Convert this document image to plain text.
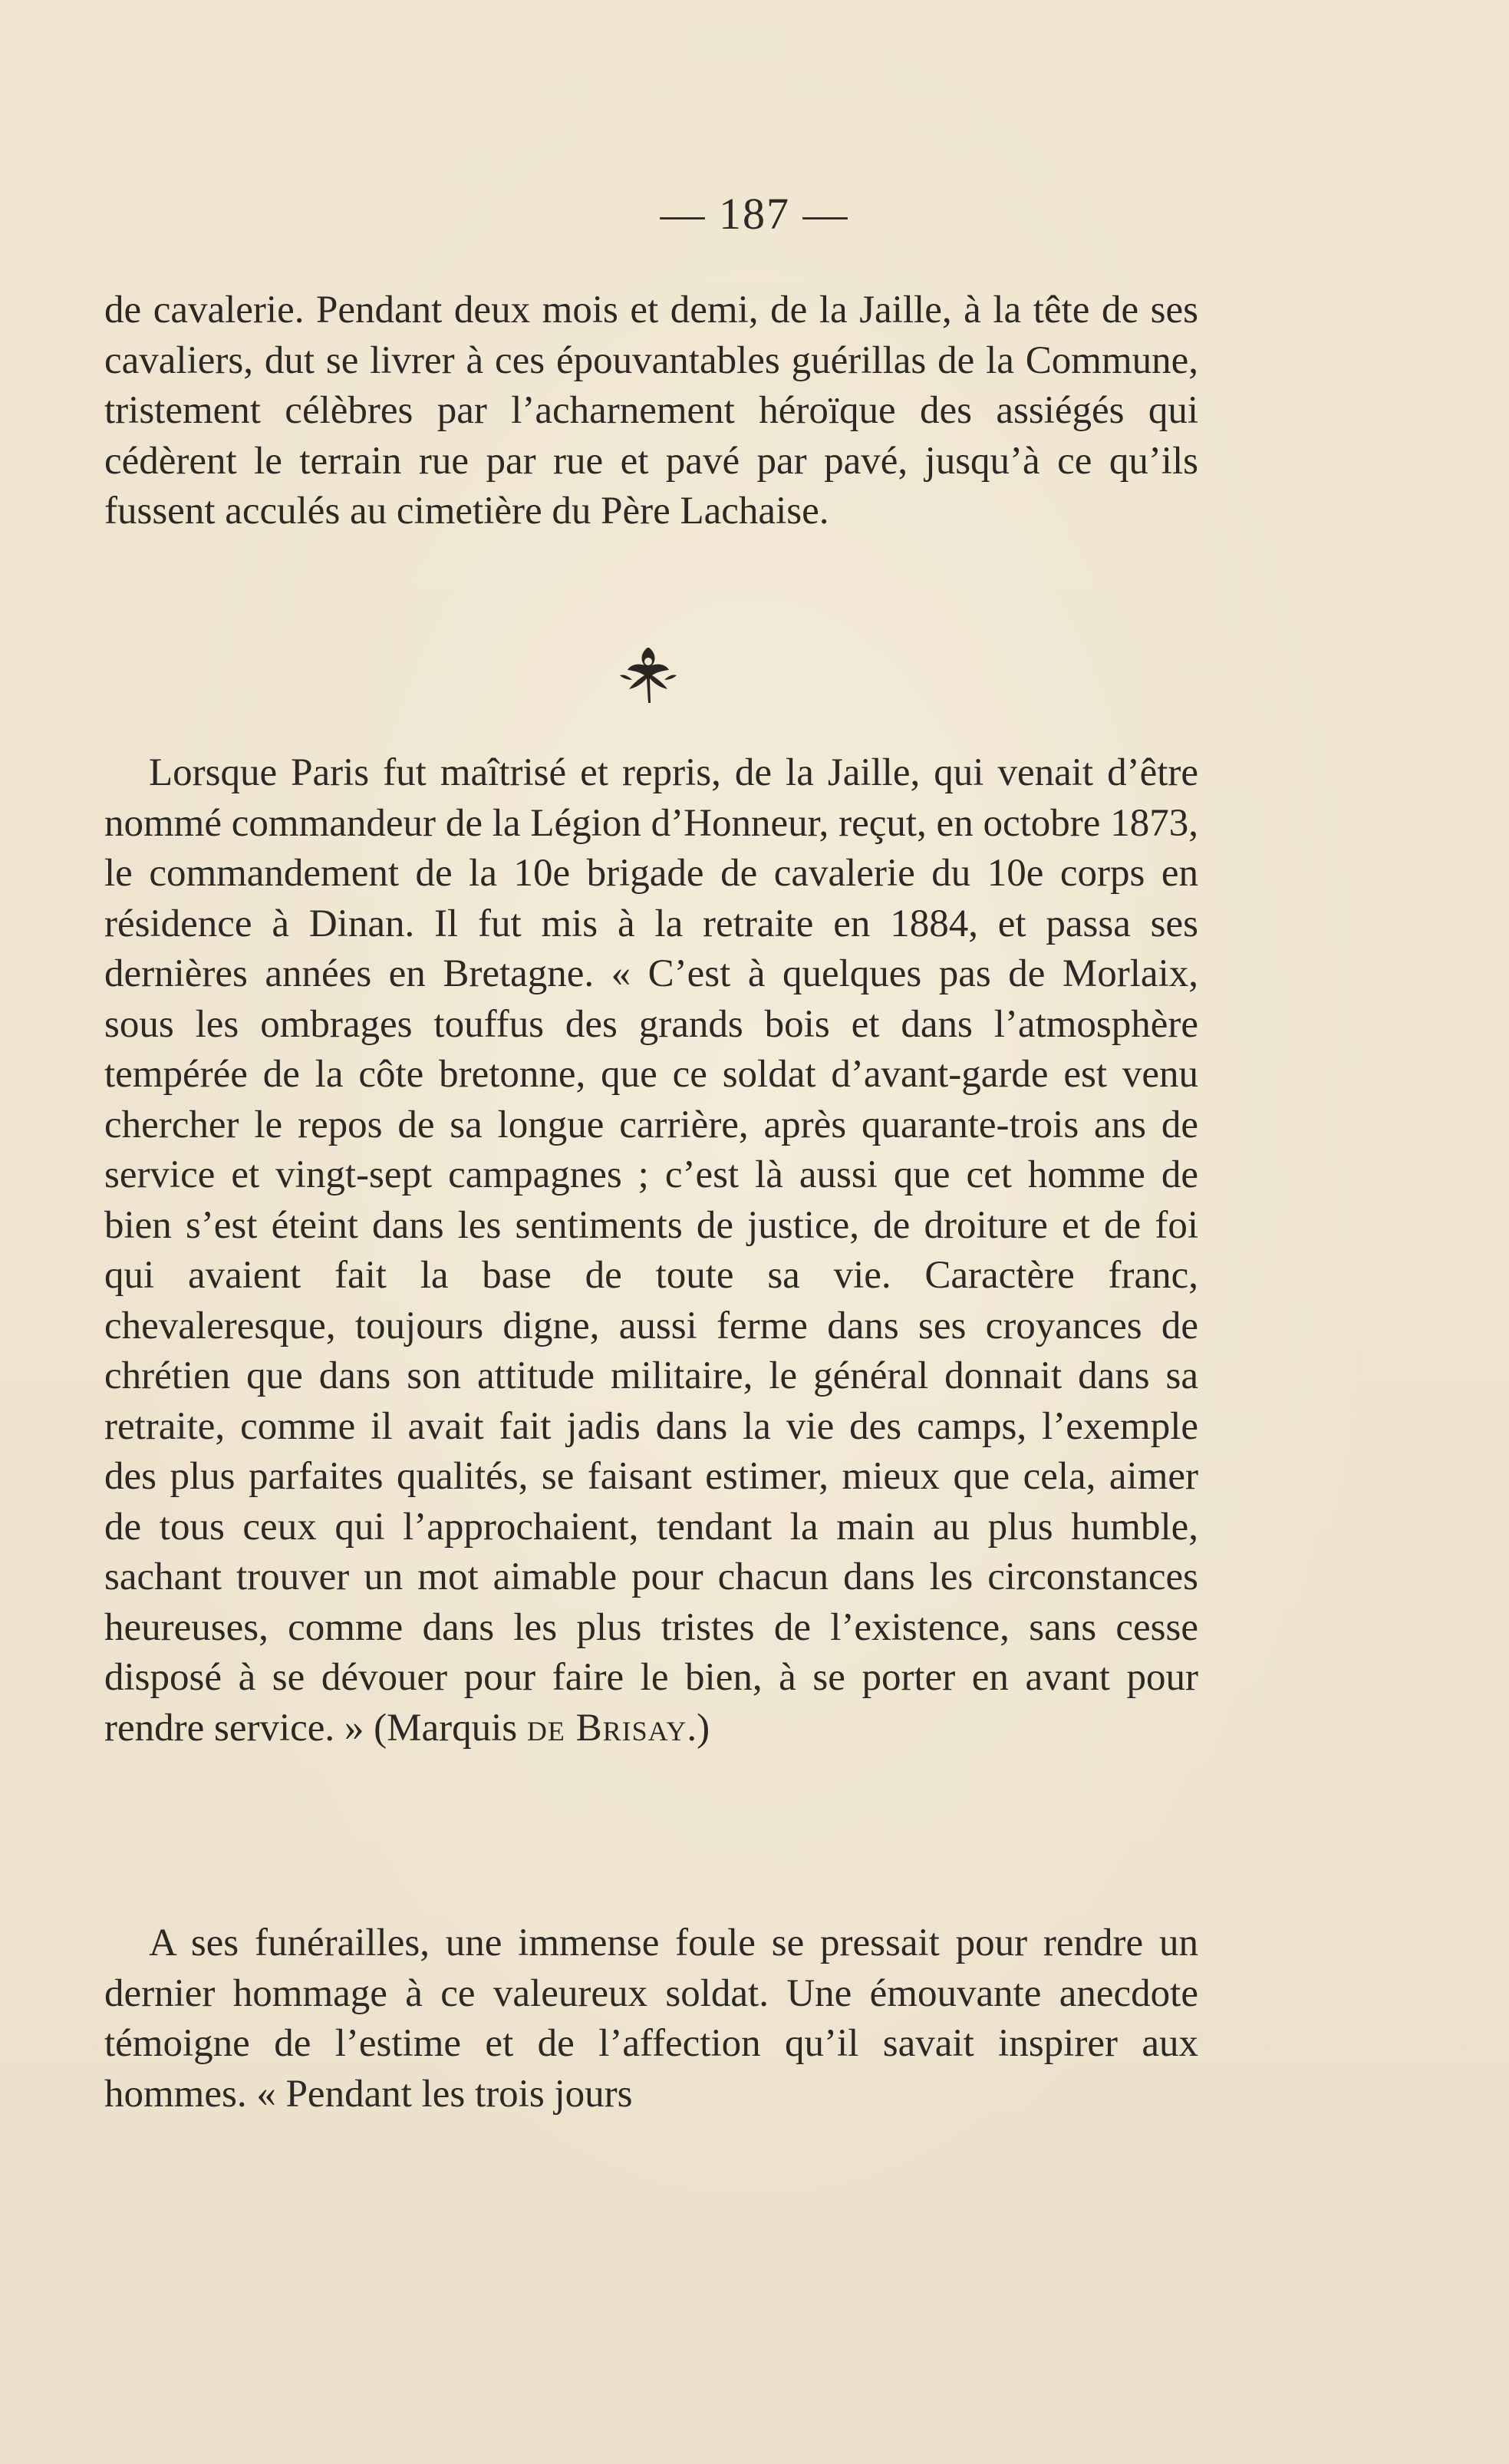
— 187 —

de cavalerie. Pendant deux mois et demi, de la Jaille, à la tête de ses cavaliers, dut se livrer à ces épouvantables guérillas de la Commune, tristement célèbres par l’acharnement héroïque des assiégés qui cédèrent le terrain rue par rue et pavé par pavé, jusqu’à ce qu’ils fussent acculés au cimetière du Père Lachaise.

Lorsque Paris fut maîtrisé et repris, de la Jaille, qui venait d’être nommé commandeur de la Légion d’Honneur, reçut, en octobre 1873, le commandement de la 10e brigade de cavalerie du 10e corps en résidence à Dinan. Il fut mis à la retraite en 1884, et passa ses dernières années en Bretagne. « C’est à quelques pas de Morlaix, sous les ombrages touffus des grands bois et dans l’atmosphère tempérée de la côte bretonne, que ce soldat d’avant-garde est venu chercher le repos de sa longue carrière, après quarante-trois ans de service et vingt-sept campagnes ; c’est là aussi que cet homme de bien s’est éteint dans les sentiments de justice, de droiture et de foi qui avaient fait la base de toute sa vie. Caractère franc, chevaleresque, toujours digne, aussi ferme dans ses croyances de chrétien que dans son attitude militaire, le général donnait dans sa retraite, comme il avait fait jadis dans la vie des camps, l’exemple des plus parfaites qualités, se faisant estimer, mieux que cela, aimer de tous ceux qui l’approchaient, tendant la main au plus humble, sachant trouver un mot aimable pour chacun dans les circonstances heureuses, comme dans les plus tristes de l’existence, sans cesse disposé à se dévouer pour faire le bien, à se porter en avant pour rendre service. » (Marquis de Brisay.)

A ses funérailles, une immense foule se pressait pour rendre un dernier hommage à ce valeureux soldat. Une émouvante anecdote témoigne de l’estime et de l’affection qu’il savait inspirer aux hommes. « Pendant les trois jours
